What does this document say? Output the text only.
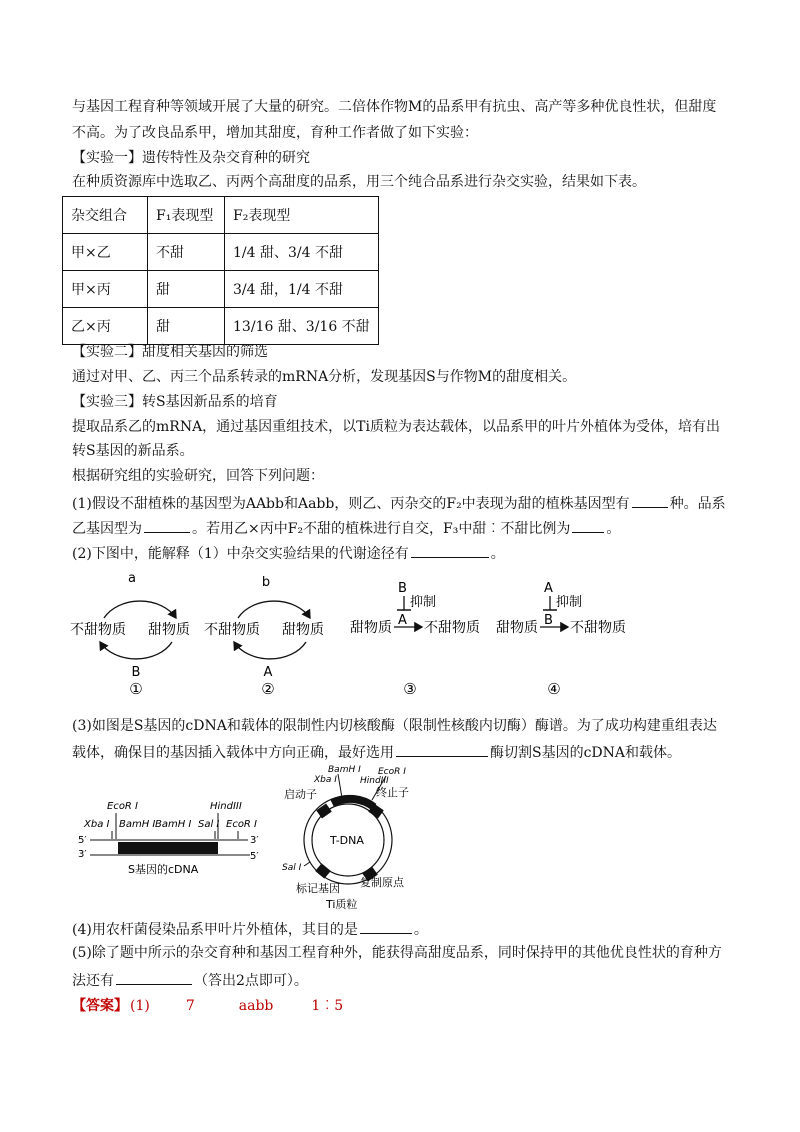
与基因工程育种等领域开展了大量的研究。二倍体作物M的品系甲有抗虫、高产等多种优良性状，但甜度
不高。为了改良品系甲，增加其甜度，育种工作者做了如下实验：
【实验一】遗传特性及杂交育种的研究
在种质资源库中选取乙、丙两个高甜度的品系，用三个纯合品系进行杂交实验，结果如下表。
杂交组合	F₁表现型	F₂表现型
甲×乙	不甜	1/4 甜、3/4 不甜
甲×丙	甜	3/4 甜，1/4 不甜
乙×丙	甜	13/16 甜、3/16 不甜
【实验二】甜度相关基因的筛选
通过对甲、乙、丙三个品系转录的mRNA分析，发现基因S与作物M的甜度相关。
【实验三】转S基因新品系的培育
提取品系乙的mRNA，通过基因重组技术，以Ti质粒为表达载体，以品系甲的叶片外植体为受体，培有出
转S基因的新品系。
根据研究组的实验研究，回答下列问题：
(1)假设不甜植株的基因型为AAbb和Aabb，则乙、丙杂交的F₂中表现为甜的植株基因型有	种。品系
乙基因型为	。若用乙×丙中F₂不甜的植株进行自交，F₃中甜︰不甜比例为	。
(2)下图中，能解释（1）中杂交实验结果的代谢途径有	。
a
不甜物质 甜物质
B
①
b
不甜物质 甜物质
A
②
B
抑制
A
甜物质 不甜物质
③
A
抑制
B
甜物质 不甜物质
④
(3)如图是S基因的cDNA和载体的限制性内切核酸酶（限制性核酸内切酶）酶谱。为了成功构建重组表达
载体，确保目的基因插入载体中方向正确，最好选用	酶切割S基因的cDNA和载体。
EcoR I
Xba I BamH I BamH I
HindIII
Sal I EcoR I
5′
3′
3′
5′
S基因的cDNA
BamH I EcoR I
Xba I	HindIII
启动子	终止子
T-DNA
Sal I
标记基因 复制原点
Ti质粒
(4)用农杆菌侵染品系甲叶片外植体，其目的是	。
(5)除了题中所示的杂交育种和基因工程育种外，能获得高甜度品系，同时保持甲的其他优良性状的育种方
法还有	（答出2点即可）。
【答案】 (1)	7	aabb	1︰5
